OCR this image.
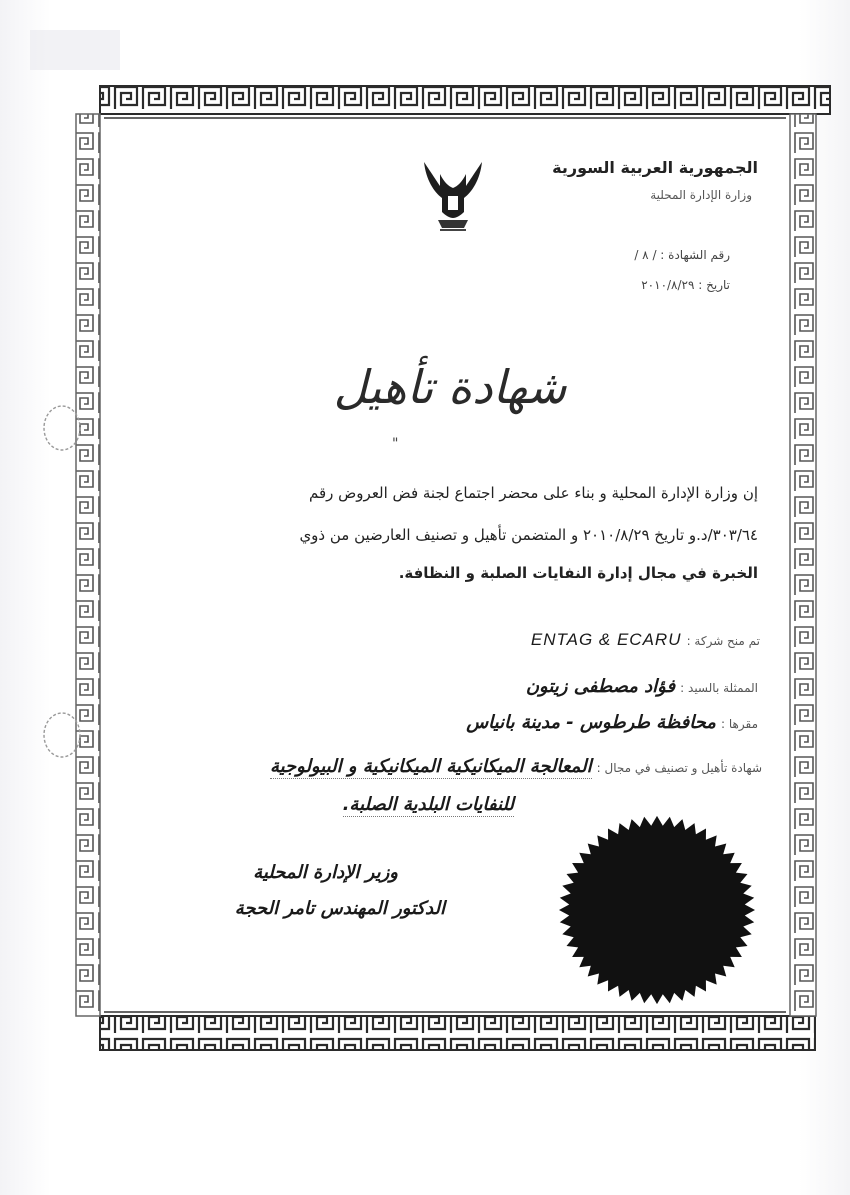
الجمهورية العربية السورية
وزارة الإدارة المحلية
رقم الشهادة : / ٨ /
تاريخ : ٢٠١٠/٨/٢٩
شهادة تأهيل
"
إن وزارة الإدارة المحلية و بناء على محضر اجتماع لجنة فض العروض رقم
٣٠٣/٦٤/د.و تاريخ ٢٠١٠/٨/٢٩ و المتضمن تأهيل و تصنيف العارضين من ذوي
الخبرة في مجال إدارة النفايات الصلبة و النظافة.
تم منح شركة : ENTAG & ECARU
الممثلة بالسيد : فؤاد مصطفى زيتون
مقرها : محافظة طرطوس - مدينة بانياس
شهادة تأهيل و تصنيف في مجال : المعالجة الميكانيكية الميكانيكية و البيولوجية
للنفايات البلدية الصلبة.
وزير الإدارة المحلية
الدكتور المهندس تامر الحجة
